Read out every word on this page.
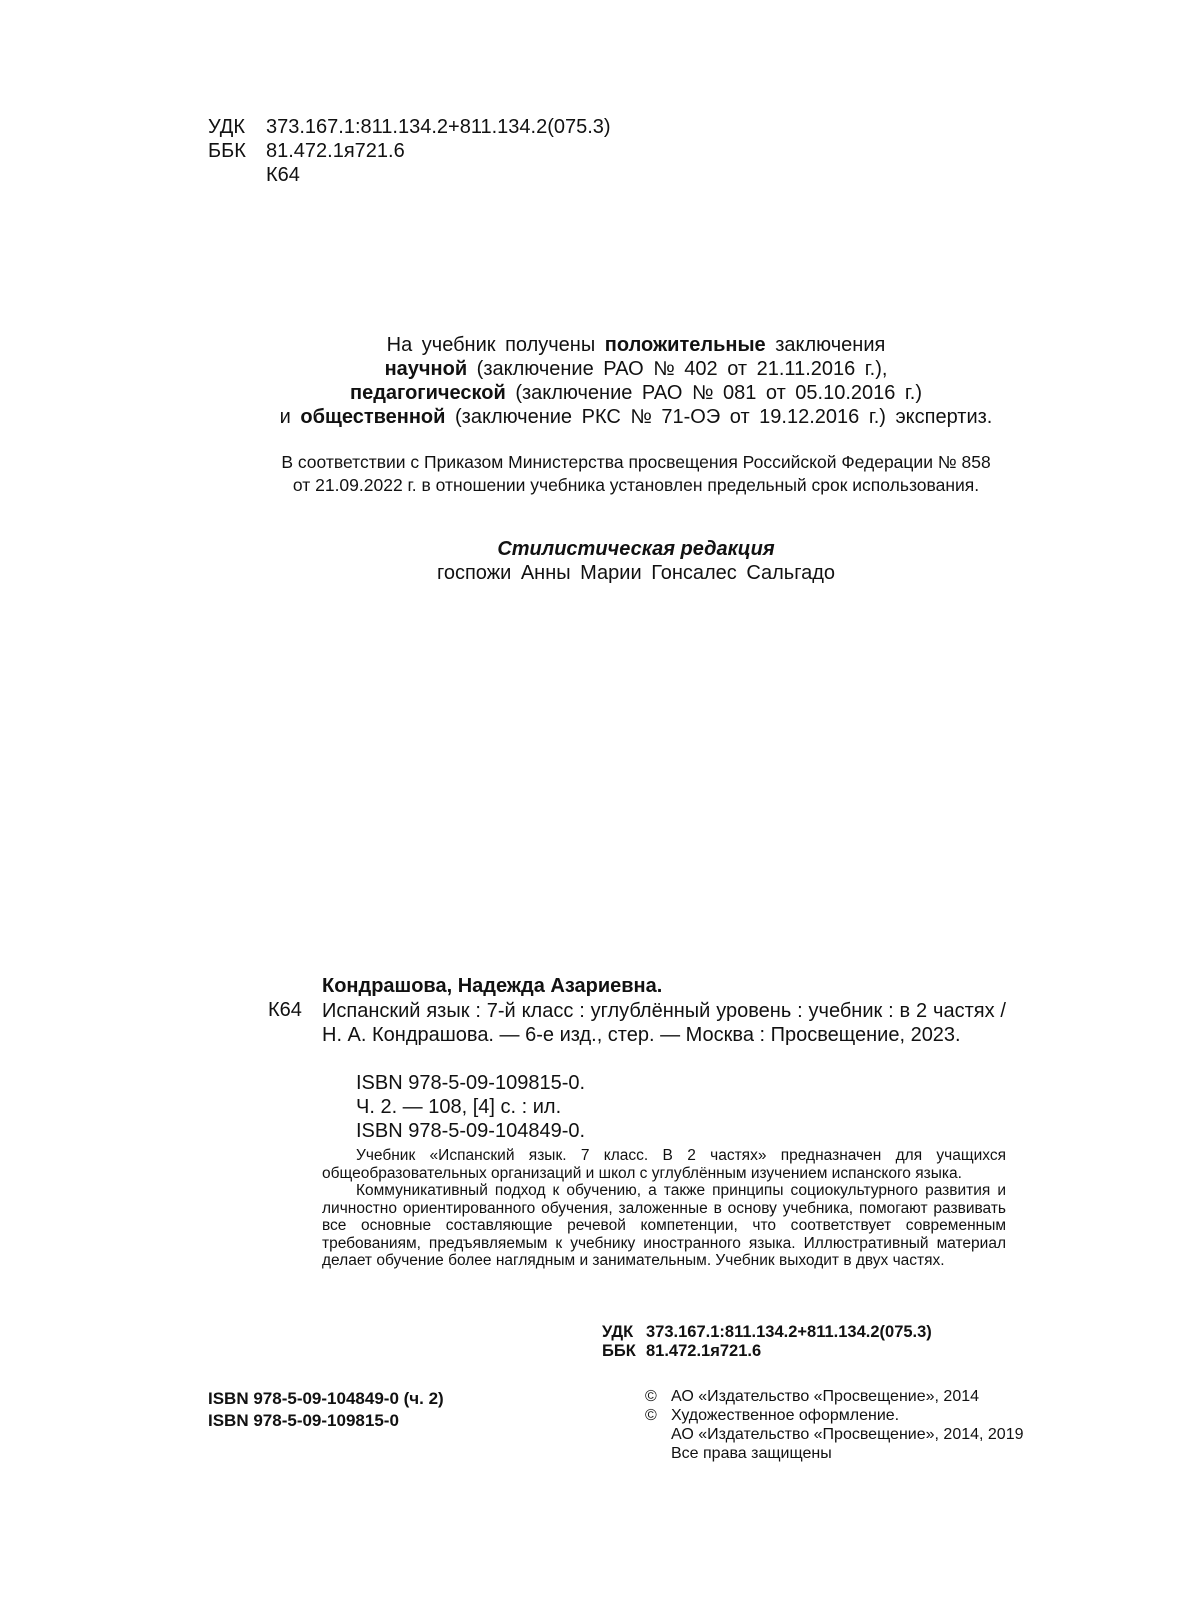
УДК 373.167.1:811.134.2+811.134.2(075.3)
ББК 81.472.1я721.6
К64
На учебник получены положительные заключения
научной (заключение РАО № 402 от 21.11.2016 г.),
педагогической (заключение РАО № 081 от 05.10.2016 г.)
и общественной (заключение РКС № 71-ОЭ от 19.12.2016 г.) экспертиз.
В соответствии с Приказом Министерства просвещения Российской Федерации № 858
от 21.09.2022 г. в отношении учебника установлен предельный срок использования.
Стилистическая редакция
госпожи Анны Марии Гонсалес Сальгадо
Кондрашова, Надежда Азариевна.
К64 Испанский язык : 7-й класс : углублённый уровень : учебник : в 2 частях / Н. А. Кондрашова. — 6-е изд., стер. — Москва : Просвещение, 2023.
ISBN 978-5-09-109815-0.
Ч. 2. — 108, [4] с. : ил.
ISBN 978-5-09-104849-0.

Учебник «Испанский язык. 7 класс. В 2 частях» предназначен для учащихся общеобразовательных организаций и школ с углублённым изучением испанского языка.

Коммуникативный подход к обучению, а также принципы социокультурного развития и личностно ориентированного обучения, заложенные в основу учебника, помогают развивать все основные составляющие речевой компетенции, что соответствует современным требованиям, предъявляемым к учебнику иностранного языка. Иллюстративный материал делает обучение более наглядным и занимательным. Учебник выходит в двух частях.

УДК 373.167.1:811.134.2+811.134.2(075.3)
ББК 81.472.1я721.6
ISBN 978-5-09-104849-0 (ч. 2)
ISBN 978-5-09-109815-0
© АО «Издательство «Просвещение», 2014
© Художественное оформление.
АО «Издательство «Просвещение», 2014, 2019
Все права защищены
